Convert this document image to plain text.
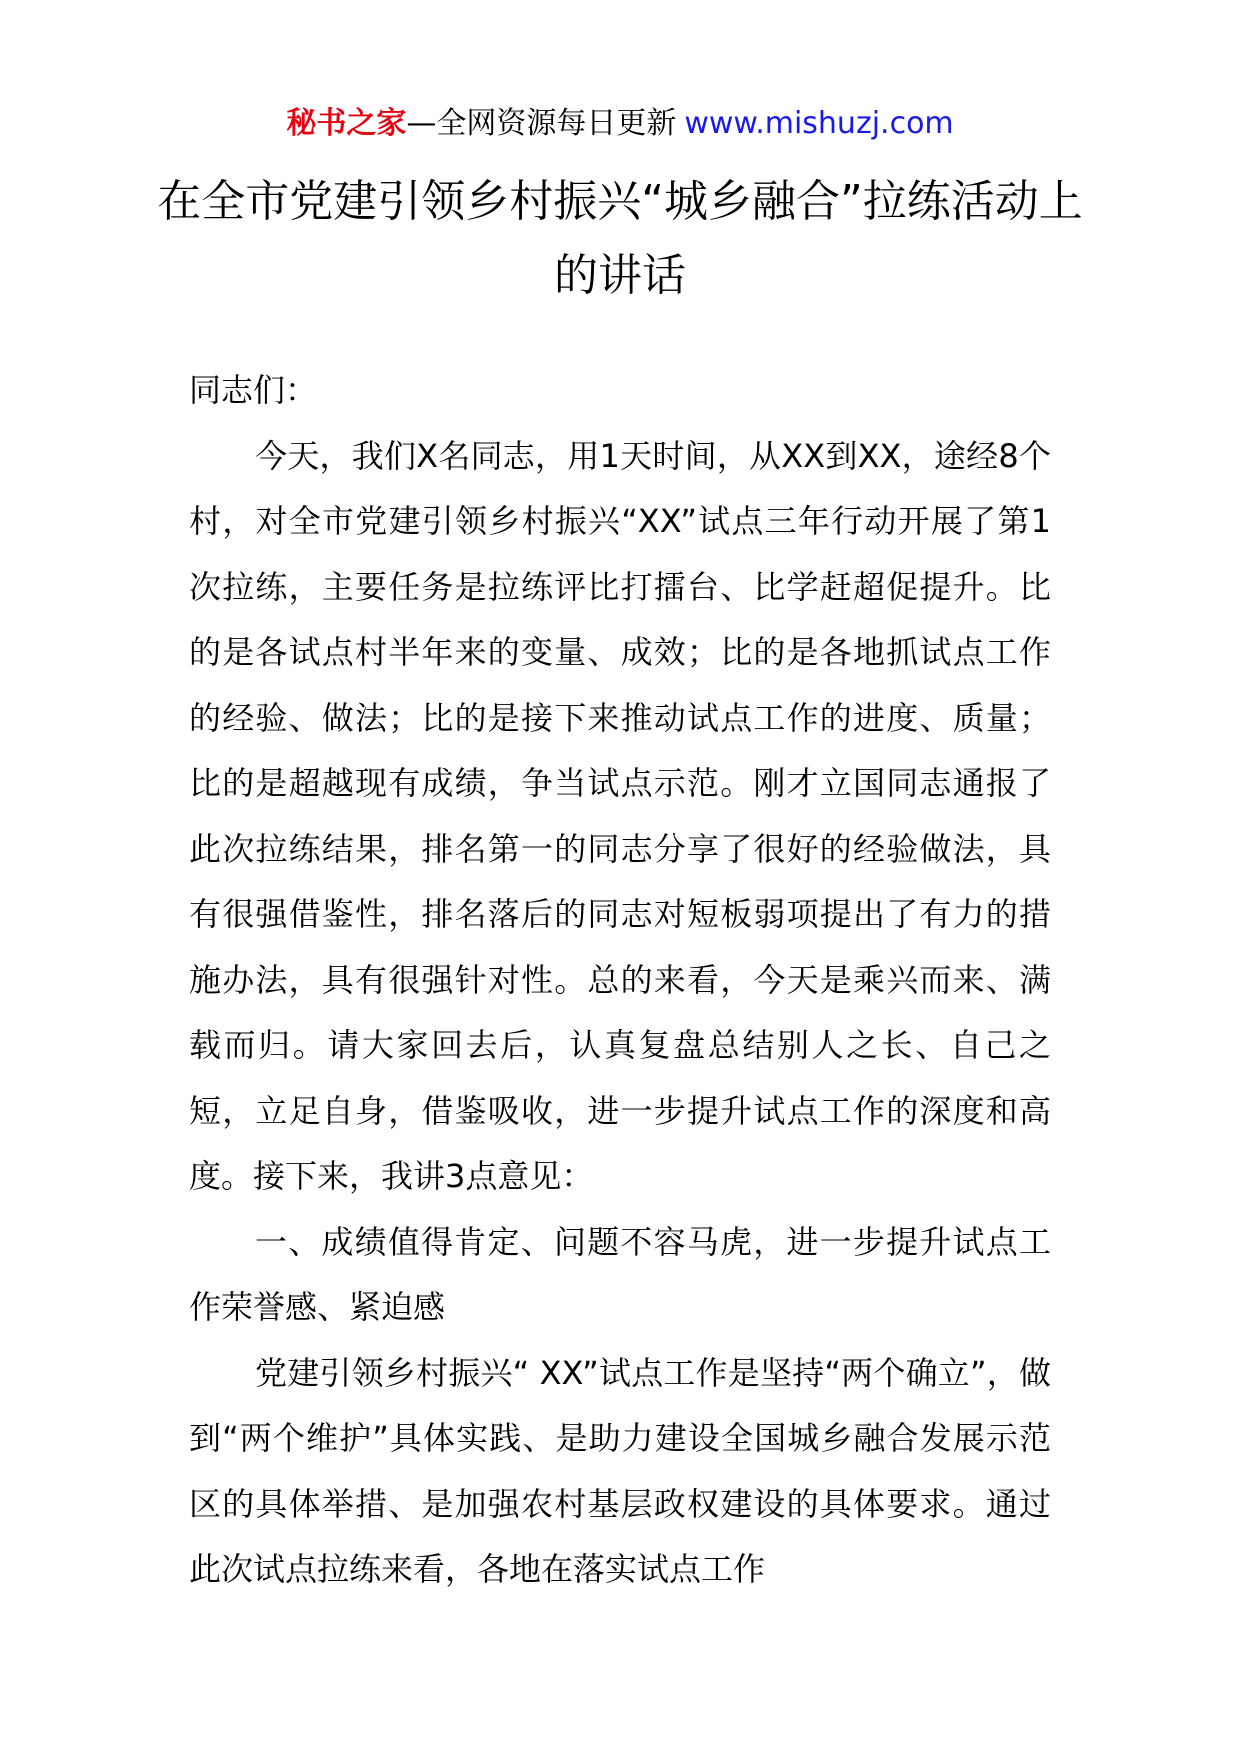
秘书之家—全网资源每日更新 www.mishuzj.com
在全市党建引领乡村振兴“城乡融合”拉练活动上的讲话

同志们：

今天，我们X名同志，用1天时间，从XX到XX，途经8个村，对全市党建引领乡村振兴“XX”试点三年行动开展了第1次拉练，主要任务是拉练评比打擂台、比学赶超促提升。比的是各试点村半年来的变量、成效；比的是各地抓试点工作的经验、做法；比的是接下来推动试点工作的进度、质量；比的是超越现有成绩，争当试点示范。刚才立国同志通报了此次拉练结果，排名第一的同志分享了很好的经验做法，具有很强借鉴性，排名落后的同志对短板弱项提出了有力的措施办法，具有很强针对性。总的来看，今天是乘兴而来、满载而归。请大家回去后，认真复盘总结别人之长、自己之短，立足自身，借鉴吸收，进一步提升试点工作的深度和高度。接下来，我讲3点意见：

一、成绩值得肯定、问题不容马虎，进一步提升试点工作荣誉感、紧迫感

党建引领乡村振兴“ XX”试点工作是坚持“两个确立”，做到“两个维护”具体实践、是助力建设全国城乡融合发展示范区的具体举措、是加强农村基层政权建设的具体要求。通过此次试点拉练来看，各地在落实试点工作
